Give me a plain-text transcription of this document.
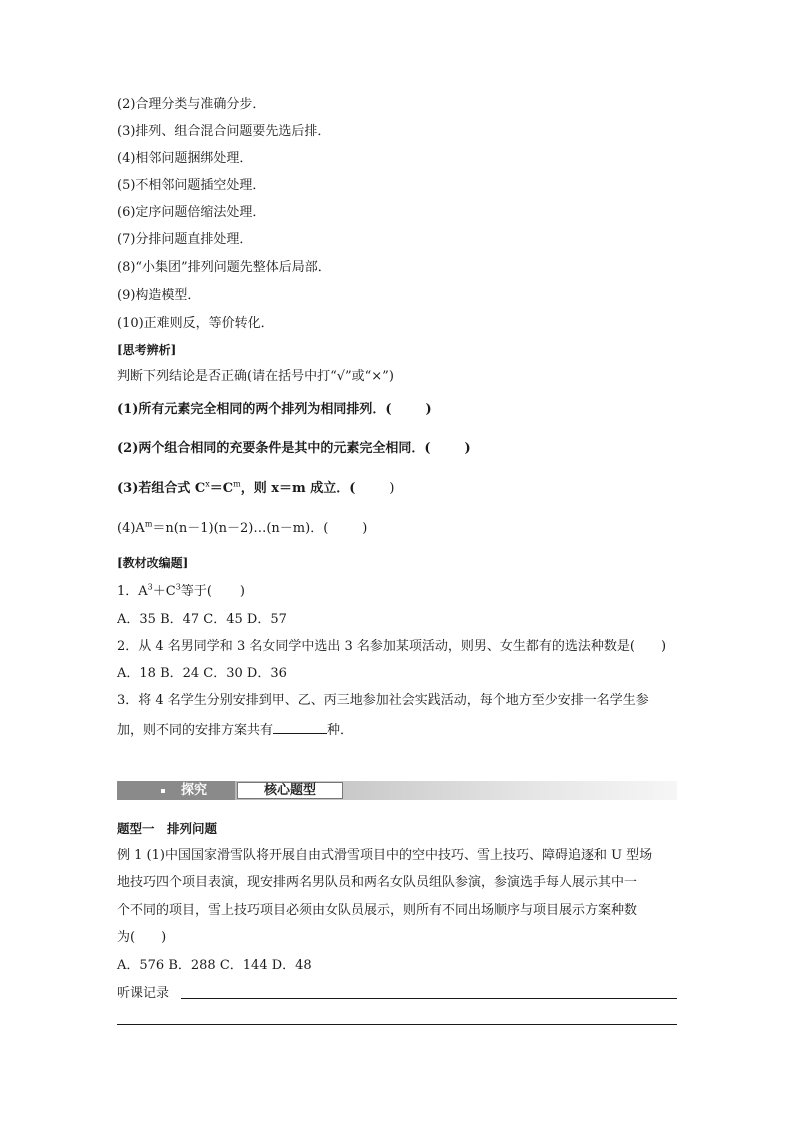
(2)合理分类与准确分步．
(3)排列、组合混合问题要先选后排．
(4)相邻问题捆绑处理．
(5)不相邻问题插空处理．
(6)定序问题倍缩法处理．
(7)分排问题直排处理．
(8)“小集团”排列问题先整体后局部．
(9)构造模型．
(10)正难则反，等价转化．
[思考辨析]
判断下列结论是否正确(请在括号中打“√”或“×”)
(1)所有元素完全相同的两个排列为相同排列．(	)
(2)两个组合相同的充要条件是其中的元素完全相同．(	)
(3)若组合式 $C^x=C^m$，则 x＝m 成立．(	)
$(4)A^m=n(n-1)(n-2)\dots(n-m)$．(	)
[教材改编题]
1．$A^3+C^3$等于( )
A．35 B．47 C．45 D．57
2．从 4 名男同学和 3 名女同学中选出 3 名参加某项活动，则男、女生都有的选法种数是( )
A．18 B．24 C．30 D．36
3．将 4 名学生分别安排到甲、乙、丙三地参加社会实践活动，每个地方至少安排一名学生参
加，则不同的安排方案共有	种．
探究	核心题型
题型一　排列问题
例 1 (1)中国国家滑雪队将开展自由式滑雪项目中的空中技巧、雪上技巧、障碍追逐和 U 型场
地技巧四个项目表演，现安排两名男队员和两名女队员组队参演，参演选手每人展示其中一
个不同的项目，雪上技巧项目必须由女队员展示，则所有不同出场顺序与项目展示方案种数
为( )
A．576 B．288 C．144 D．48
听课记录
